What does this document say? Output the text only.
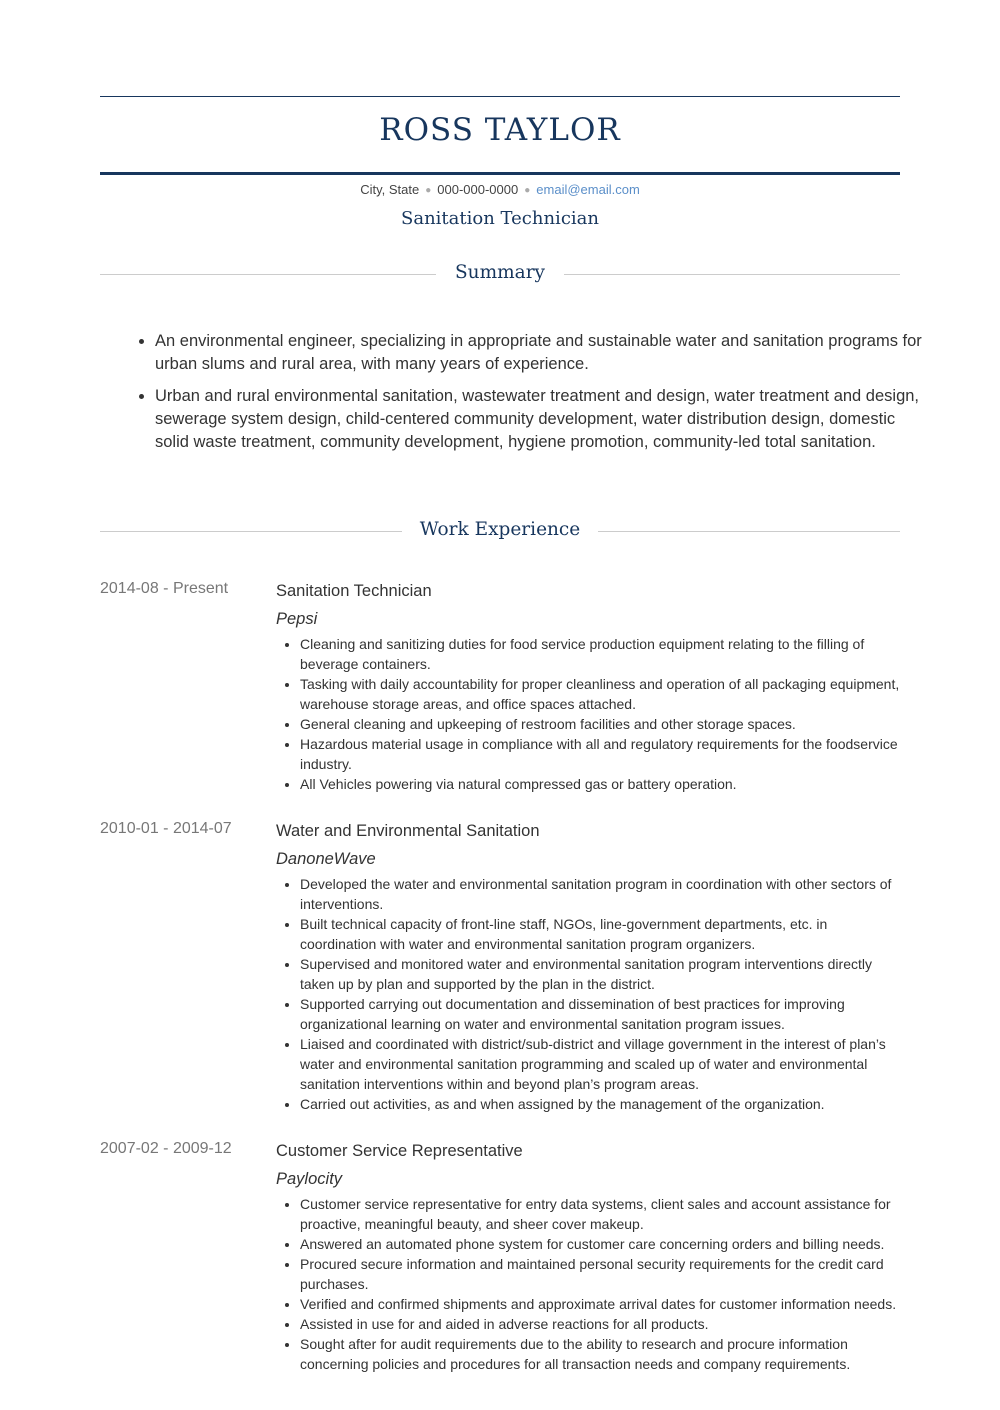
ROSS TAYLOR
City, State ● 000-000-0000 ● email@email.com
Sanitation Technician
Summary
• An environmental engineer, specializing in appropriate and sustainable water and sanitation programs for urban slums and rural area, with many years of experience.
• Urban and rural environmental sanitation, wastewater treatment and design, water treatment and design, sewerage system design, child-centered community development, water distribution design, domestic solid waste treatment, community development, hygiene promotion, community-led total sanitation.
Work Experience
2014-08 - Present	Sanitation Technician
Pepsi
• Cleaning and sanitizing duties for food service production equipment relating to the filling of beverage containers.
• Tasking with daily accountability for proper cleanliness and operation of all packaging equipment, warehouse storage areas, and office spaces attached.
• General cleaning and upkeeping of restroom facilities and other storage spaces.
• Hazardous material usage in compliance with all and regulatory requirements for the foodservice industry.
• All Vehicles powering via natural compressed gas or battery operation.
2010-01 - 2014-07	Water and Environmental Sanitation
DanoneWave
• Developed the water and environmental sanitation program in coordination with other sectors of interventions.
• Built technical capacity of front-line staff, NGOs, line-government departments, etc. in coordination with water and environmental sanitation program organizers.
• Supervised and monitored water and environmental sanitation program interventions directly taken up by plan and supported by the plan in the district.
• Supported carrying out documentation and dissemination of best practices for improving organizational learning on water and environmental sanitation program issues.
• Liaised and coordinated with district/sub-district and village government in the interest of plan’s water and environmental sanitation programming and scaled up of water and environmental sanitation interventions within and beyond plan’s program areas.
• Carried out activities, as and when assigned by the management of the organization.
2007-02 - 2009-12	Customer Service Representative
Paylocity
• Customer service representative for entry data systems, client sales and account assistance for proactive, meaningful beauty, and sheer cover makeup.
• Answered an automated phone system for customer care concerning orders and billing needs.
• Procured secure information and maintained personal security requirements for the credit card purchases.
• Verified and confirmed shipments and approximate arrival dates for customer information needs.
• Assisted in use for and aided in adverse reactions for all products.
• Sought after for audit requirements due to the ability to research and procure information concerning policies and procedures for all transaction needs and company requirements.
